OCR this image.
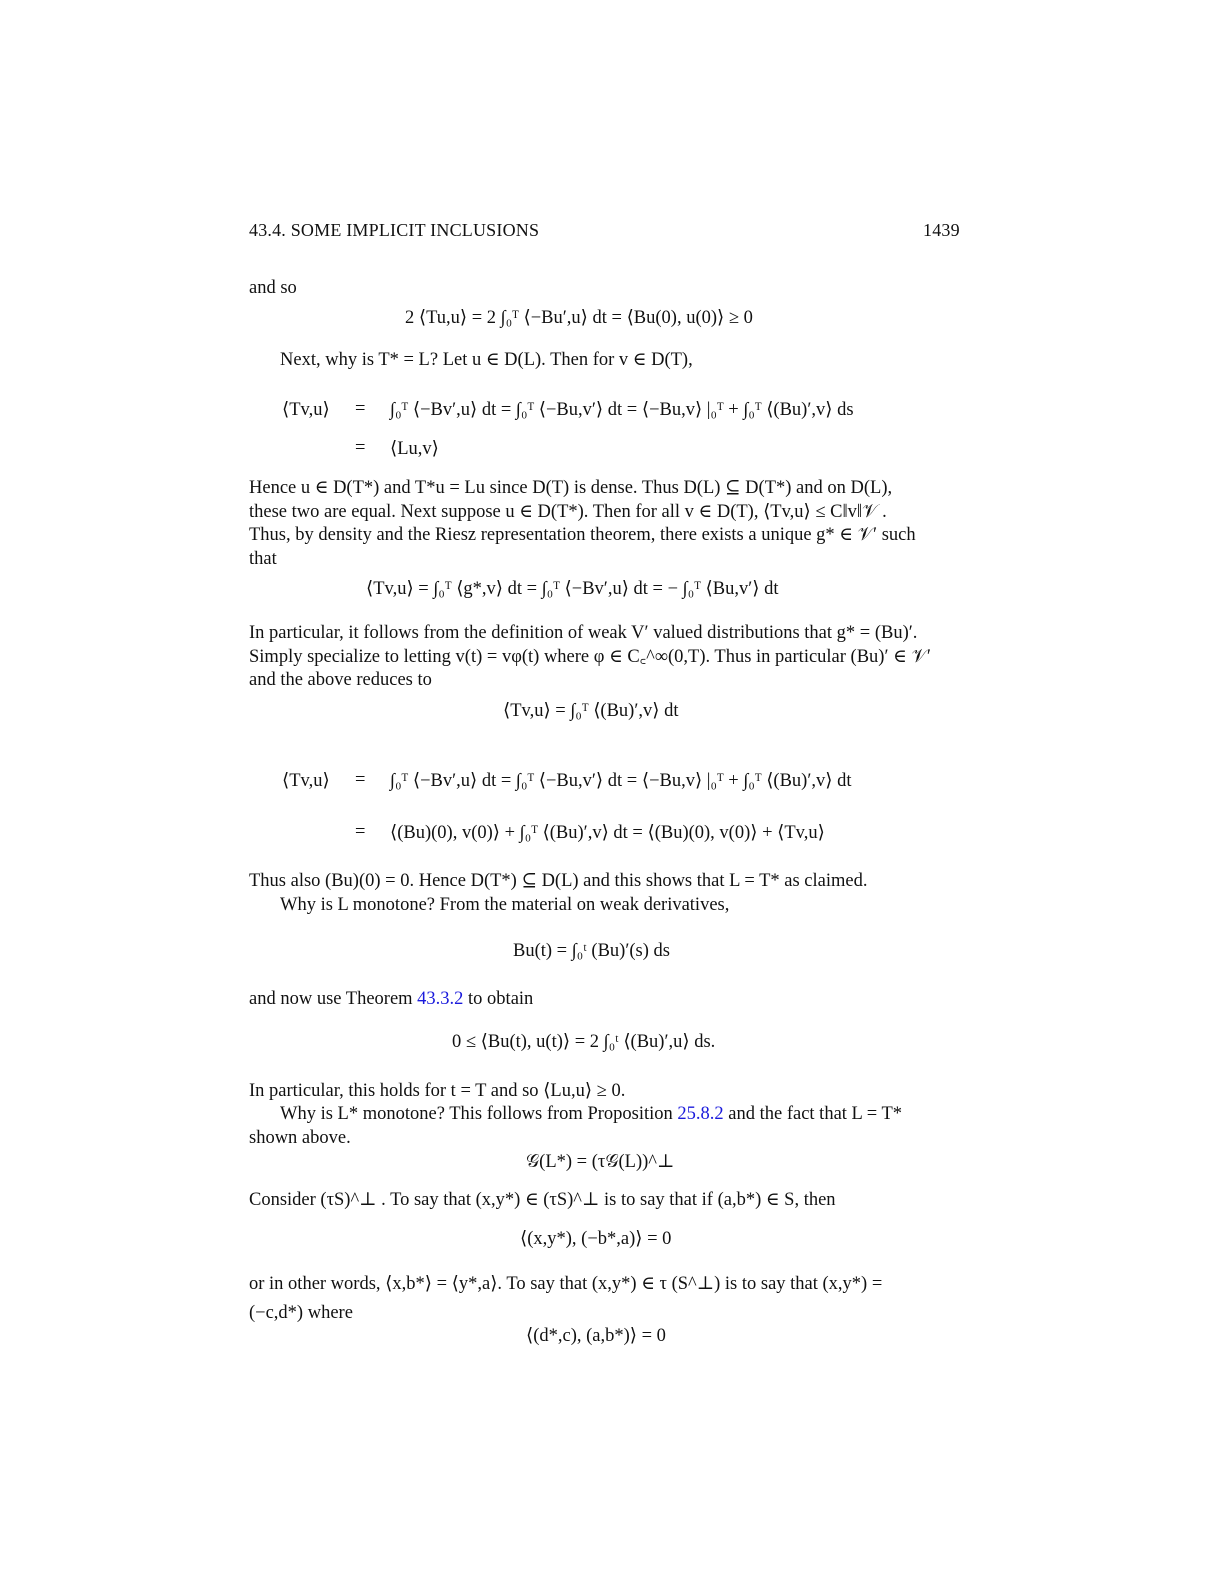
43.4. SOME IMPLICIT INCLUSIONS	1439
and so
2 ⟨Tu,u⟩ = 2 ∫₀ᵀ ⟨−Bu′,u⟩ dt = ⟨Bu(0), u(0)⟩ ≥ 0
Next, why is T* = L? Let u ∈ D(L). Then for v ∈ D(T),
⟨Tv,u⟩ = ∫₀ᵀ ⟨−Bv′,u⟩ dt = ∫₀ᵀ ⟨−Bu,v′⟩ dt = ⟨−Bu,v⟩ |₀ᵀ + ∫₀ᵀ ⟨(Bu)′,v⟩ ds
= ⟨Lu,v⟩
Hence u ∈ D(T*) and T*u = Lu since D(T) is dense. Thus D(L) ⊆ D(T*) and on D(L),
these two are equal. Next suppose u ∈ D(T*). Then for all v ∈ D(T), ⟨Tv,u⟩ ≤ C‖v‖𝒱 .
Thus, by density and the Riesz representation theorem, there exists a unique g* ∈ 𝒱′ such
that
⟨Tv,u⟩ = ∫₀ᵀ ⟨g*,v⟩ dt = ∫₀ᵀ ⟨−Bv′,u⟩ dt = − ∫₀ᵀ ⟨Bu,v′⟩ dt
In particular, it follows from the definition of weak V′ valued distributions that g* = (Bu)′.
Simply specialize to letting v(t) = vφ(t) where φ ∈ C꜀^∞(0,T). Thus in particular (Bu)′ ∈ 𝒱′
and the above reduces to
⟨Tv,u⟩ = ∫₀ᵀ ⟨(Bu)′,v⟩ dt
⟨Tv,u⟩ = ∫₀ᵀ ⟨−Bv′,u⟩ dt = ∫₀ᵀ ⟨−Bu,v′⟩ dt = ⟨−Bu,v⟩ |₀ᵀ + ∫₀ᵀ ⟨(Bu)′,v⟩ dt
= ⟨(Bu)(0), v(0)⟩ + ∫₀ᵀ ⟨(Bu)′,v⟩ dt = ⟨(Bu)(0), v(0)⟩ + ⟨Tv,u⟩
Thus also (Bu)(0) = 0. Hence D(T*) ⊆ D(L) and this shows that L = T* as claimed.
Why is L monotone? From the material on weak derivatives,
Bu(t) = ∫₀ᵗ (Bu)′(s) ds
and now use Theorem 43.3.2 to obtain
0 ≤ ⟨Bu(t), u(t)⟩ = 2 ∫₀ᵗ ⟨(Bu)′,u⟩ ds.
In particular, this holds for t = T and so ⟨Lu,u⟩ ≥ 0.
Why is L* monotone? This follows from Proposition 25.8.2 and the fact that L = T*
shown above.
𝒢(L*) = (τ𝒢(L))^⊥
Consider (τS)^⊥ . To say that (x,y*) ∈ (τS)^⊥ is to say that if (a,b*) ∈ S, then
⟨(x,y*), (−b*,a)⟩ = 0
or in other words, ⟨x,b*⟩ = ⟨y*,a⟩. To say that (x,y*) ∈ τ (S^⊥) is to say that (x,y*) =
(−c,d*) where
⟨(d*,c), (a,b*)⟩ = 0
